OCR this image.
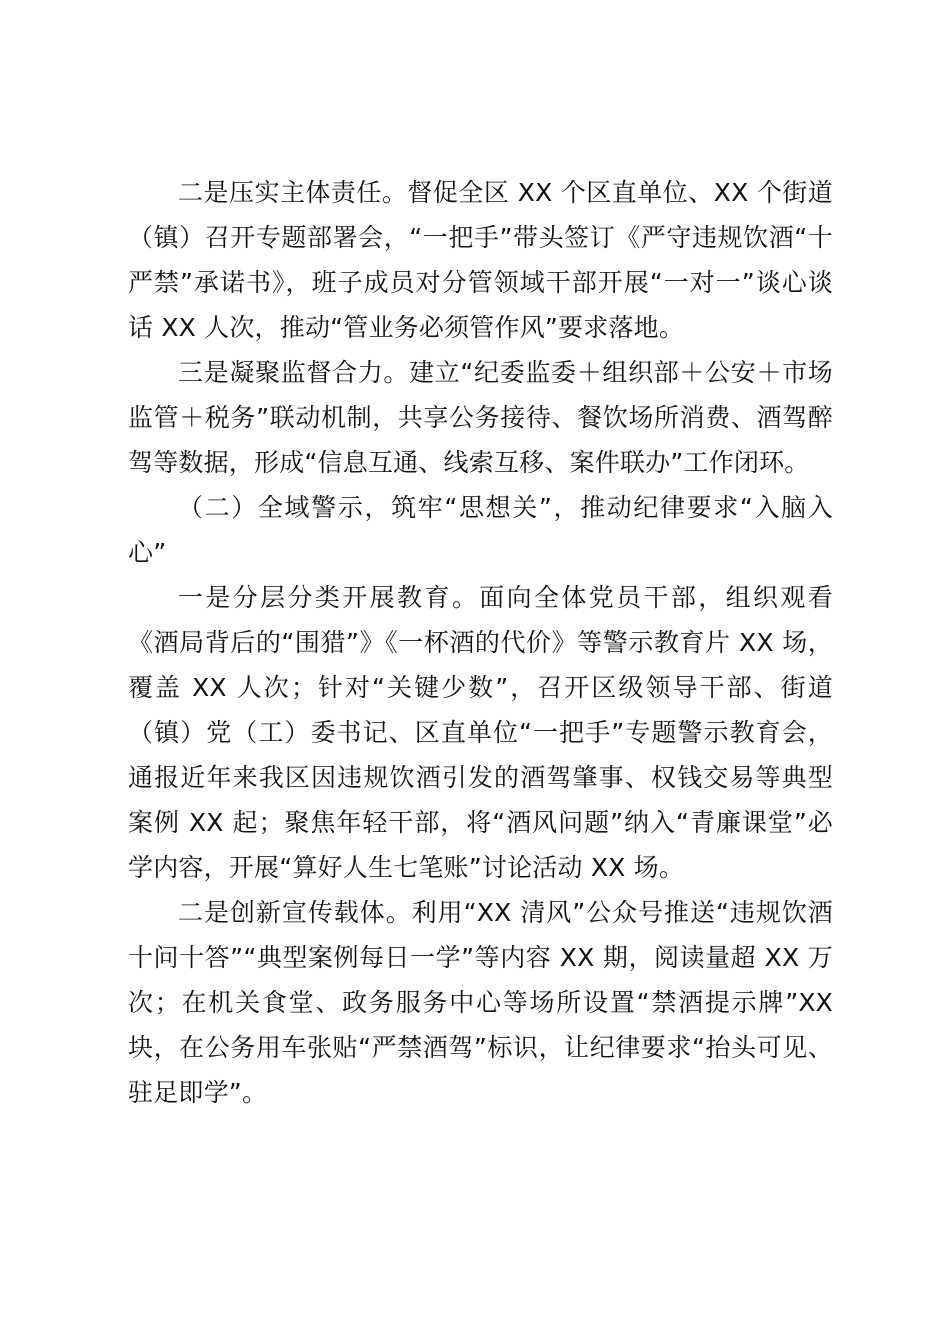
二是压实主体责任。督促全区 XX 个区直单位、XX 个街道（镇）召开专题部署会，“一把手”带头签订《严守违规饮酒“十严禁”承诺书》，班子成员对分管领域干部开展“一对一”谈心谈话 XX 人次，推动“管业务必须管作风”要求落地。

三是凝聚监督合力。建立“纪委监委＋组织部＋公安＋市场监管＋税务”联动机制，共享公务接待、餐饮场所消费、酒驾醉驾等数据，形成“信息互通、线索互移、案件联办”工作闭环。

（二）全域警示，筑牢“思想关”，推动纪律要求“入脑入心”

一是分层分类开展教育。面向全体党员干部，组织观看《酒局背后的“围猎”》《一杯酒的代价》等警示教育片 XX 场，覆盖 XX 人次；针对“关键少数”，召开区级领导干部、街道（镇）党（工）委书记、区直单位“一把手”专题警示教育会，通报近年来我区因违规饮酒引发的酒驾肇事、权钱交易等典型案例 XX 起；聚焦年轻干部，将“酒风问题”纳入“青廉课堂”必学内容，开展“算好人生七笔账”讨论活动 XX 场。

二是创新宣传载体。利用“XX 清风”公众号推送“违规饮酒十问十答”“典型案例每日一学”等内容 XX 期，阅读量超 XX 万次；在机关食堂、政务服务中心等场所设置“禁酒提示牌”XX 块，在公务用车张贴“严禁酒驾”标识，让纪律要求“抬头可见、驻足即学”。
